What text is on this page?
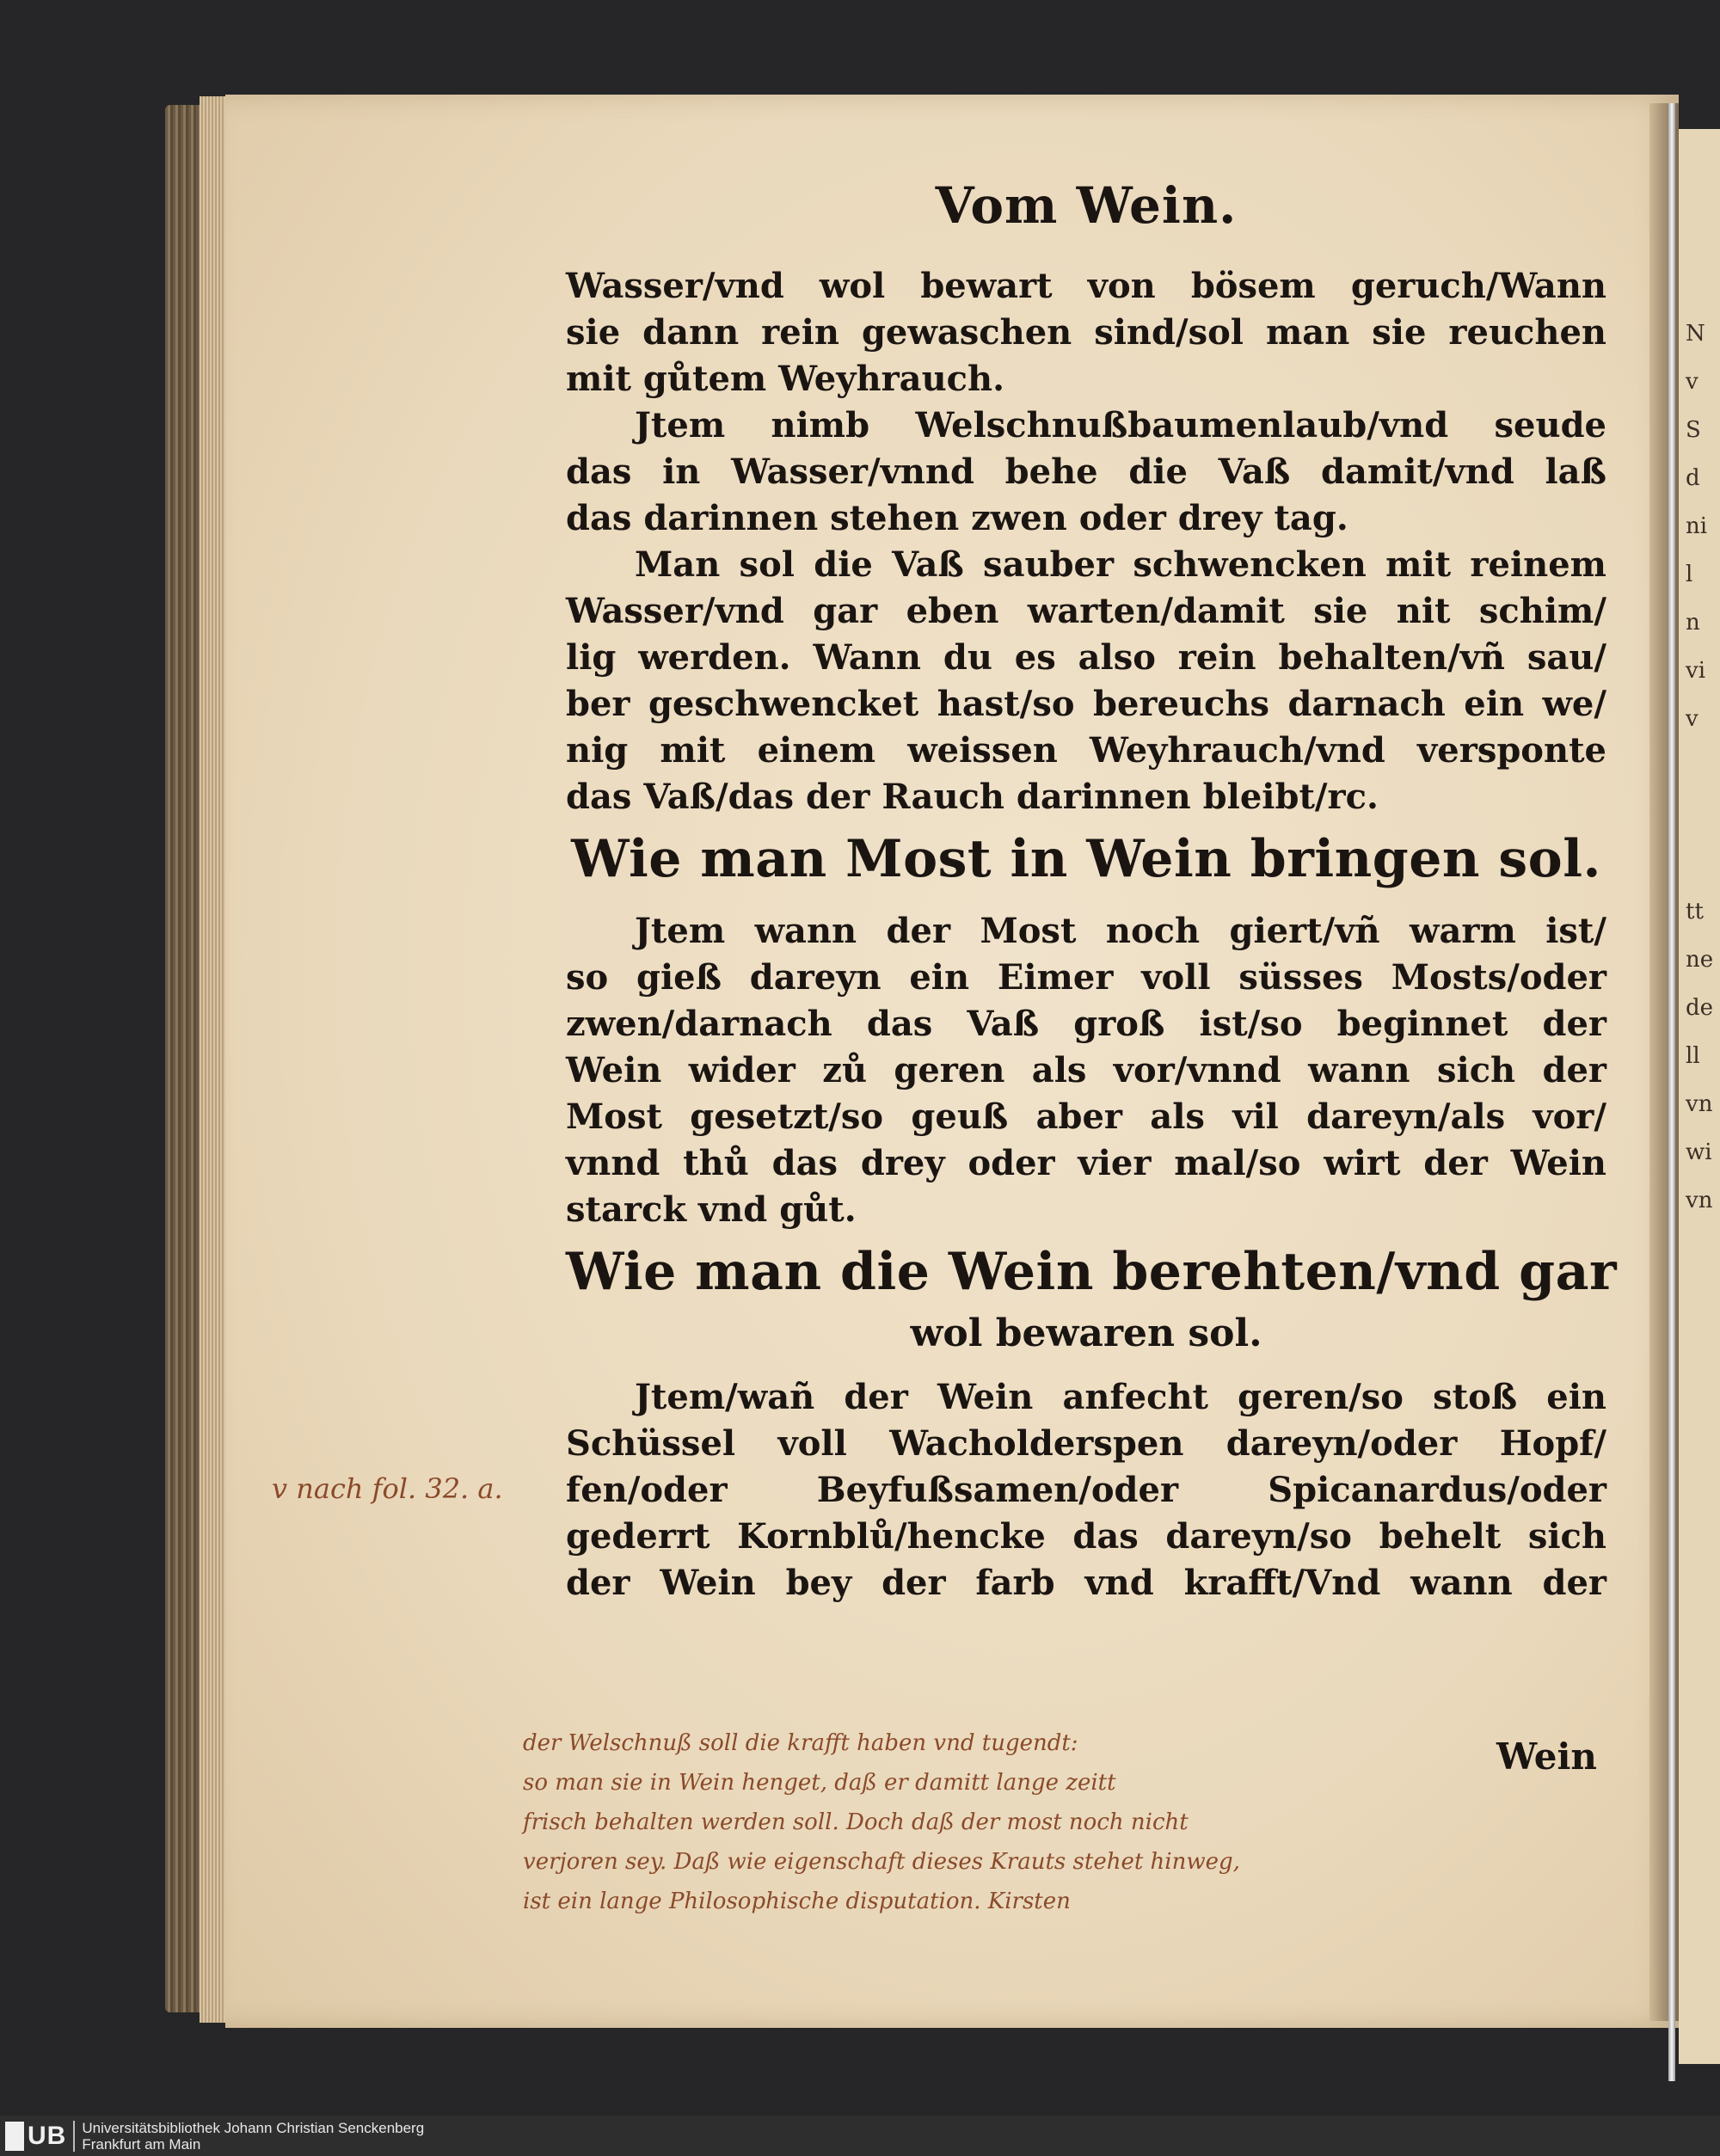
N
v
S
d
ni
l
n
vi
v

tt
ne
de
ll
vn
wi
vn
Vom Wein.
Wasser/vnd wol bewart von bösem geruch/Wann
sie dann rein gewaschen sind/sol man sie reuchen
mit gůtem Weyhrauch.
Jtem nimb Welschnußbaumenlaub/vnd seude
das in Wasser/vnnd behe die Vaß damit/vnd laß
das darinnen stehen zwen oder drey tag.
Man sol die Vaß sauber schwencken mit reinem
Wasser/vnd gar eben warten/damit sie nit schim/
lig werden. Wann du es also rein behalten/vñ sau/
ber geschwencket hast/so bereuchs darnach ein we/
nig mit einem weissen Weyhrauch/vnd versponte
das Vaß/das der Rauch darinnen bleibt/rc.
Wie man Most in Wein bringen sol.
Jtem wann der Most noch giert/vñ warm ist/
so gieß dareyn ein Eimer voll süsses Mosts/oder
zwen/darnach das Vaß groß ist/so beginnet der
Wein wider zů geren als vor/vnnd wann sich der
Most gesetzt/so geuß aber als vil dareyn/als vor/
vnnd thů das drey oder vier mal/so wirt der Wein
starck vnd gůt.
Wie man die Wein berehten/vnd gar
wol bewaren sol.
Jtem/wañ der Wein anfecht geren/so stoß ein
Schüssel voll Wacholderspen dareyn/oder Hopf/
fen/oder Beyfußsamen/oder Spicanardus/oder
gederrt Kornblů/hencke das dareyn/so behelt sich
der Wein bey der farb vnd krafft/Vnd wann der
v nach fol. 32. a.
Wein
der Welschnuß soll die krafft haben vnd tugendt:
so man sie in Wein henget, daß er damitt lange zeitt
frisch behalten werden soll. Doch daß der most noch nicht
verjoren sey. Daß wie eigenschaft dieses Krauts stehet hinweg,
ist ein lange Philosophische disputation. Kirsten
UB Universitätsbibliothek Johann Christian Senckenberg
Frankfurt am Main
